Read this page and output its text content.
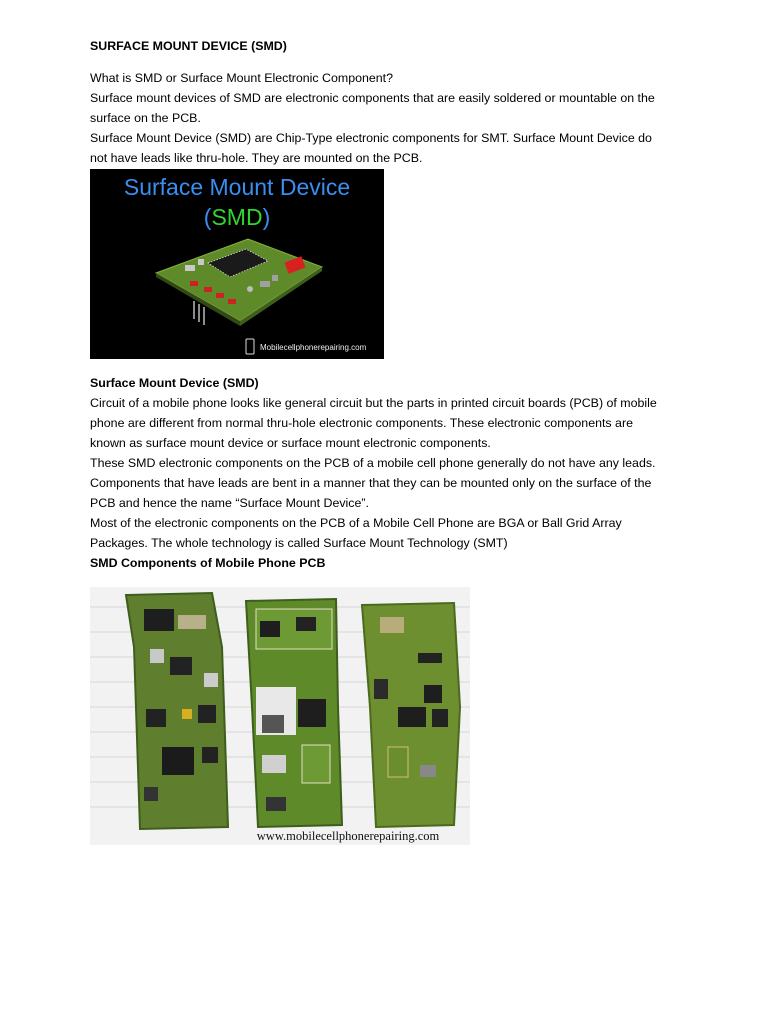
SURFACE MOUNT DEVICE (SMD)

What is SMD or Surface Mount Electronic Component?

Surface mount devices of SMD are electronic components that are easily soldered or mountable on the

surface on the PCB.

Surface Mount Device (SMD) are Chip-Type electronic components for SMT. Surface Mount Device do

not have leads like thru-hole. They are mounted on the PCB.

Surface Mount Device
(SMD)
Mobilecellphonerepairing.com

Surface Mount Device (SMD)

Circuit of a mobile phone looks like general circuit but the parts in printed circuit boards (PCB) of mobile

phone are different from normal thru-hole electronic components. These electronic components are

known as surface mount device or surface mount electronic components.

These SMD electronic components on the PCB of a mobile cell phone generally do not have any leads.

Components that have leads are bent in a manner that they can be mounted only on the surface of the

PCB and hence the name “Surface Mount Device”.

Most of the electronic components on the PCB of a Mobile Cell Phone are BGA or Ball Grid Array

Packages. The whole technology is called Surface Mount Technology (SMT)

SMD Components of Mobile Phone PCB

www.mobilecellphonerepairing.com
